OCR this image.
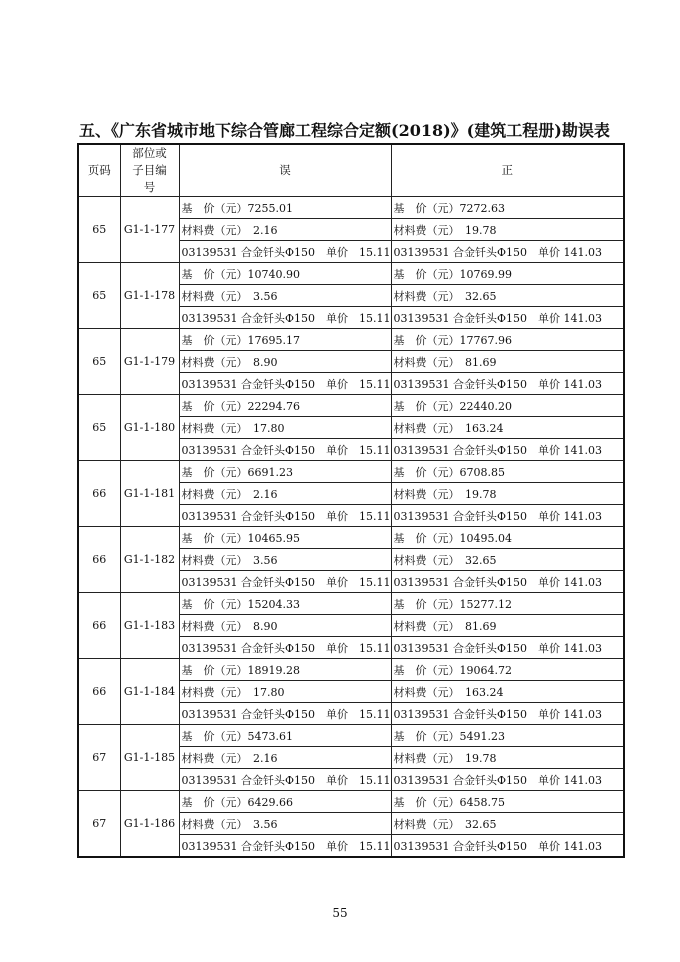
五、《广东省城市地下综合管廊工程综合定额(2018)》(建筑工程册)勘误表
页码	部位或子目编号	误	正
65	G1-1-177	基　价（元）7255.01	基　价（元）7272.63
		材料费（元）　2.16	材料费（元）　19.78
		03139531 合金钎头Φ150　单价　15.11	03139531 合金钎头Φ150　单价 141.03
65	G1-1-178	基　价（元）10740.90	基　价（元）10769.99
		材料费（元）　3.56	材料费（元）　32.65
		03139531 合金钎头Φ150　单价　15.11	03139531 合金钎头Φ150　单价 141.03
65	G1-1-179	基　价（元）17695.17	基　价（元）17767.96
		材料费（元）　8.90	材料费（元）　81.69
		03139531 合金钎头Φ150　单价　15.11	03139531 合金钎头Φ150　单价 141.03
65	G1-1-180	基　价（元）22294.76	基　价（元）22440.20
		材料费（元）　17.80	材料费（元）　163.24
		03139531 合金钎头Φ150　单价　15.11	03139531 合金钎头Φ150　单价 141.03
66	G1-1-181	基　价（元）6691.23	基　价（元）6708.85
		材料费（元）　2.16	材料费（元）　19.78
		03139531 合金钎头Φ150　单价　15.11	03139531 合金钎头Φ150　单价 141.03
66	G1-1-182	基　价（元）10465.95	基　价（元）10495.04
		材料费（元）　3.56	材料费（元）　32.65
		03139531 合金钎头Φ150　单价　15.11	03139531 合金钎头Φ150　单价 141.03
66	G1-1-183	基　价（元）15204.33	基　价（元）15277.12
		材料费（元）　8.90	材料费（元）　81.69
		03139531 合金钎头Φ150　单价　15.11	03139531 合金钎头Φ150　单价 141.03
66	G1-1-184	基　价（元）18919.28	基　价（元）19064.72
		材料费（元）　17.80	材料费（元）　163.24
		03139531 合金钎头Φ150　单价　15.11	03139531 合金钎头Φ150　单价 141.03
67	G1-1-185	基　价（元）5473.61	基　价（元）5491.23
		材料费（元）　2.16	材料费（元）　19.78
		03139531 合金钎头Φ150　单价　15.11	03139531 合金钎头Φ150　单价 141.03
67	G1-1-186	基　价（元）6429.66	基　价（元）6458.75
		材料费（元）　3.56	材料费（元）　32.65
		03139531 合金钎头Φ150　单价　15.11	03139531 合金钎头Φ150　单价 141.03
55
